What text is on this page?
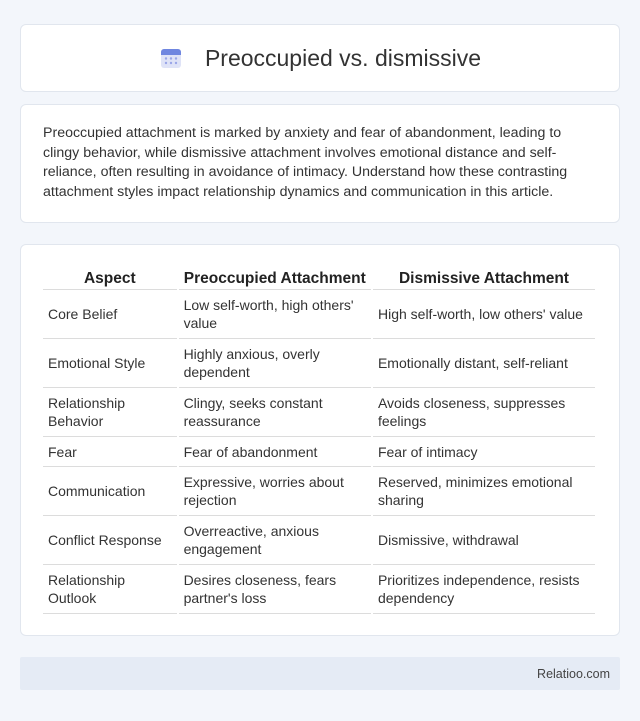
Preoccupied vs. dismissive

Preoccupied attachment is marked by anxiety and fear of abandonment, leading to clingy behavior, while dismissive attachment involves emotional distance and self-reliance, often resulting in avoidance of intimacy. Understand how these contrasting attachment styles impact relationship dynamics and communication in this article.

Aspect	Preoccupied Attachment	Dismissive Attachment
Core Belief	Low self-worth, high others' value	High self-worth, low others' value
Emotional Style	Highly anxious, overly dependent	Emotionally distant, self-reliant
Relationship Behavior	Clingy, seeks constant reassurance	Avoids closeness, suppresses feelings
Fear	Fear of abandonment	Fear of intimacy
Communication	Expressive, worries about rejection	Reserved, minimizes emotional sharing
Conflict Response	Overreactive, anxious engagement	Dismissive, withdrawal
Relationship Outlook	Desires closeness, fears partner's loss	Prioritizes independence, resists dependency
Relatioo.com
